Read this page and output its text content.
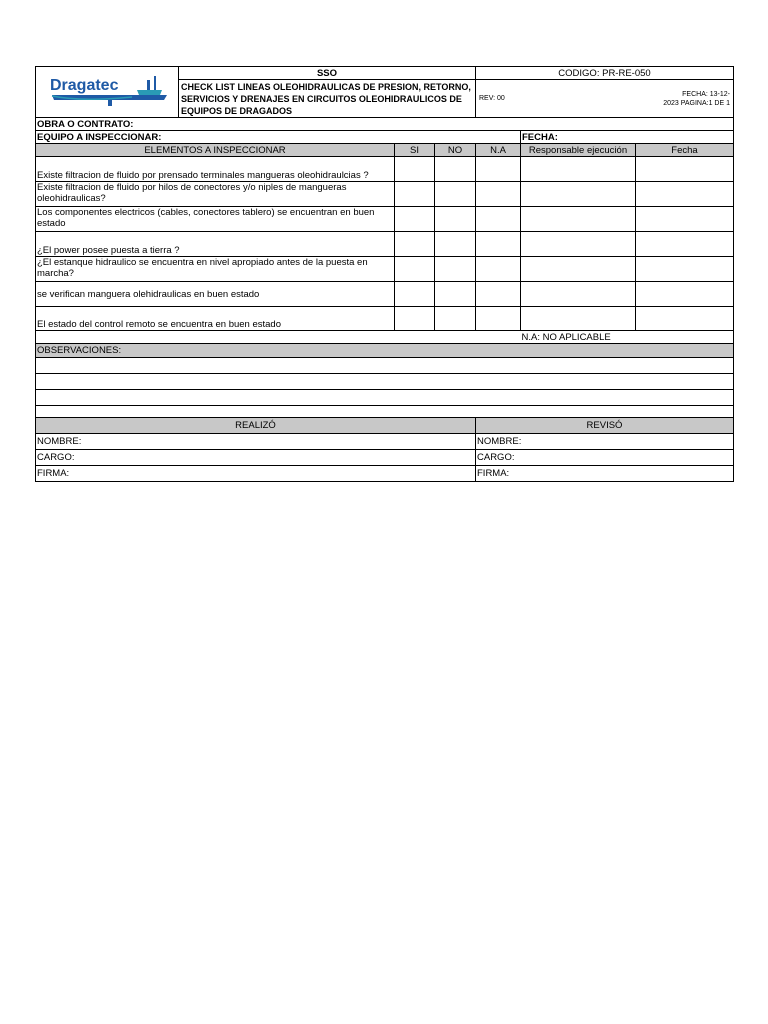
Dragatec	SSO			CODIGO: PR-RE-050		
	CHECK LIST LINEAS OLEOHIDRAULICAS DE PRESION, RETORNO, SERVICIOS Y DRENAJES EN CIRCUITOS OLEOHIDRAULICOS DE EQUIPOS DE DRAGADOS			REV: 00
FECHA: 13-12-
2023 PAGINA:1 DE 1		

OBRA O CONTRATO:						
EQUIPO A INSPECCIONAR:					FECHA:	
ELEMENTOS A INSPECCIONAR		SI	NO	N.A	Responsable ejecución	Fecha
Existe filtracion de fluido por prensado terminales mangueras oleohidraulcias ?						
Existe filtracion de fluido por hilos de conectores y/o niples de mangueras oleohidraulicas?						
Los componentes electricos (cables, conectores tablero) se encuentran en buen estado						
¿El power posee puesta a tierra ?						
¿El estanque hidraulico se encuentra en nivel apropiado antes de la puesta en marcha?						
se verifican manguera olehidraulicas en buen estado						
El estado del control remoto se encuentra en buen estado						
					N.A: NO APLICABLE	
OBSERVACIONES:						

REALIZÓ				REVISÓ		
NOMBRE:				NOMBRE:		
CARGO:				CARGO:		
FIRMA:				FIRMA:		
